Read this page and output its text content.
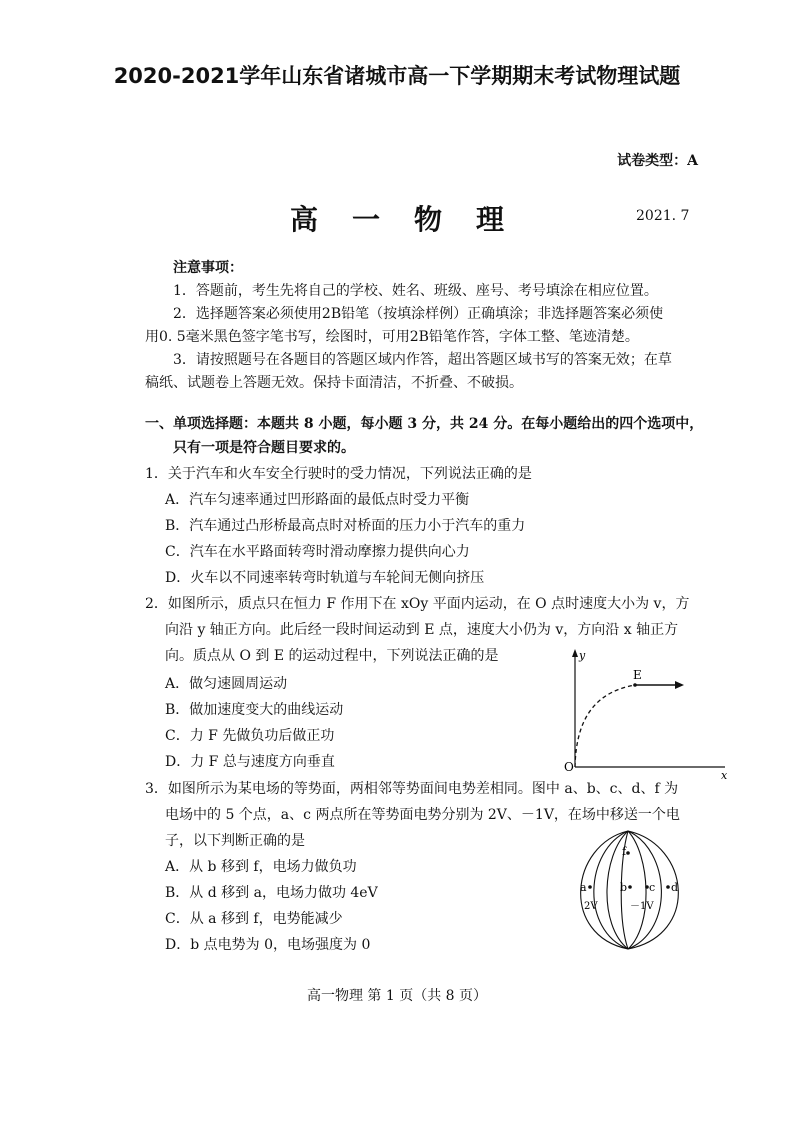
2020-2021学年山东省诸城市高一下学期期末考试物理试题
试卷类型：A
高一物理	2021. 7
注意事项：
1．答题前，考生先将自己的学校、姓名、班级、座号、考号填涂在相应位置。
2．选择题答案必须使用2B铅笔（按填涂样例）正确填涂；非选择题答案必须使
用0. 5毫米黑色签字笔书写，绘图时，可用2B铅笔作答，字体工整、笔迹清楚。
3．请按照题号在各题目的答题区域内作答，超出答题区域书写的答案无效；在草
稿纸、试题卷上答题无效。保持卡面清洁，不折叠、不破损。
一、单项选择题：本题共 8 小题，每小题 3 分，共 24 分。在每小题给出的四个选项中，
只有一项是符合题目要求的。
1．关于汽车和火车安全行驶时的受力情况，下列说法正确的是
A．汽车匀速率通过凹形路面的最低点时受力平衡
B．汽车通过凸形桥最高点时对桥面的压力小于汽车的重力
C．汽车在水平路面转弯时滑动摩擦力提供向心力
D．火车以不同速率转弯时轨道与车轮间无侧向挤压
2．如图所示，质点只在恒力 F 作用下在 xOy 平面内运动，在 O 点时速度大小为 v，方
向沿 y 轴正方向。此后经一段时间运动到 E 点，速度大小仍为 v，方向沿 x 轴正方
向。质点从 O 到 E 的运动过程中，下列说法正确的是
A．做匀速圆周运动
B．做加速度变大的曲线运动
C．力 F 先做负功后做正功
D．力 F 总与速度方向垂直
y
x
O
E
3．如图所示为某电场的等势面，两相邻等势面间电势差相同。图中 a、b、c、d、f 为
电场中的 5 个点，a、c 两点所在等势面电势分别为 2V、－1V，在场中移送一个电
子，以下判断正确的是
A．从 b 移到 f，电场力做负功
B．从 d 移到 a，电场力做功 4eV
C．从 a 移到 f，电势能减少
D．b 点电势为 0，电场强度为 0
a	b c d
f
2V	－1V
高一物理 第 1 页（共 8 页）
